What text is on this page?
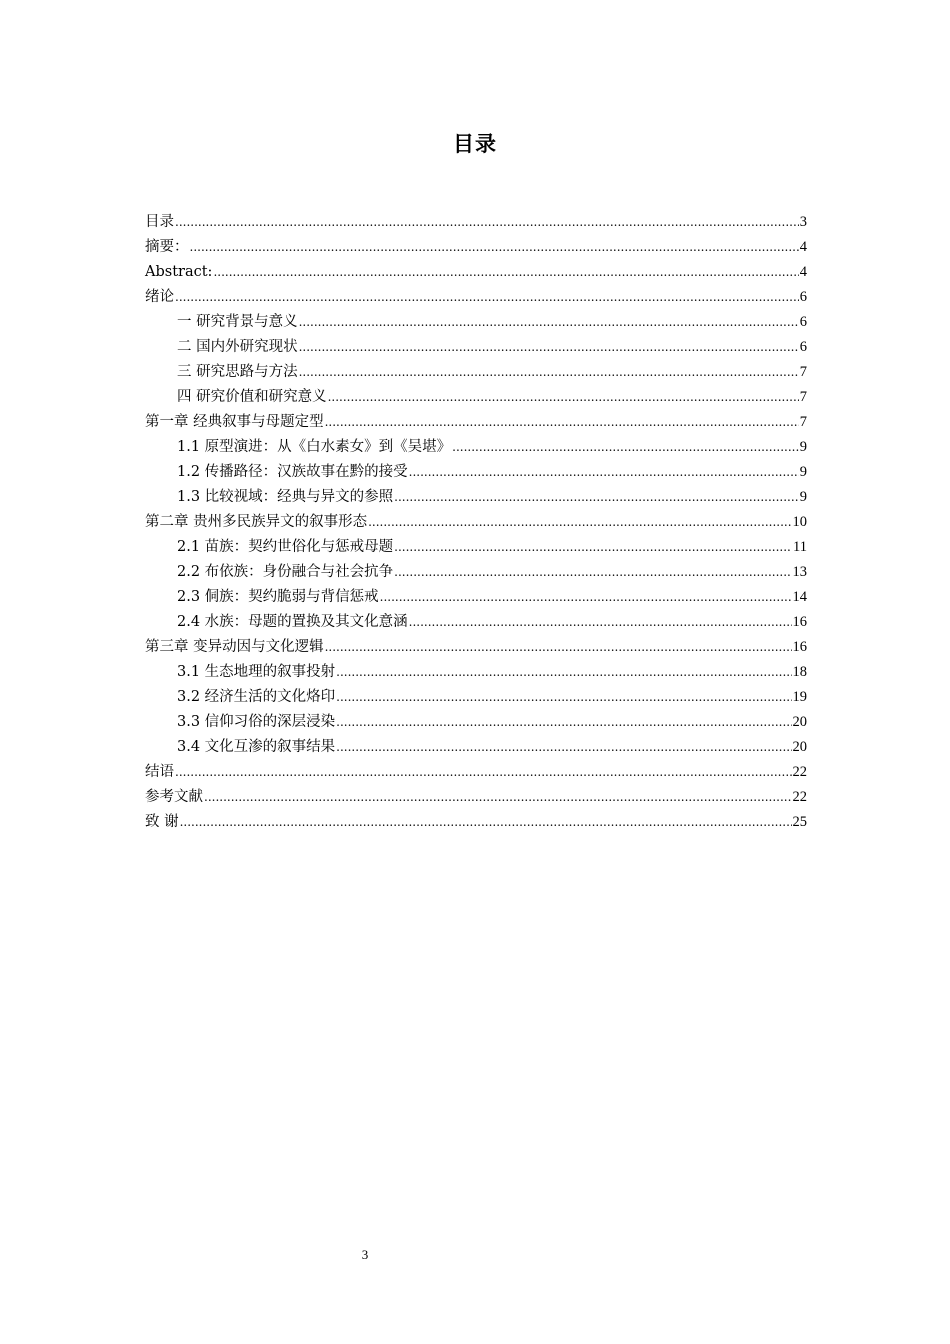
目录
目录 .....	3
摘要： .....	4
Abstract: .....	4
绪论 .....	6
一 研究背景与意义 .....	6
二 国内外研究现状 .....	6
三 研究思路与方法 .....	7
四 研究价值和研究意义 .....	7
第一章 经典叙事与母题定型 .....	7
1.1 原型演进：从《白水素女》到《吴堪》 .....	9
1.2 传播路径：汉族故事在黔的接受 .....	9
1.3 比较视域：经典与异文的参照 .....	9
第二章 贵州多民族异文的叙事形态 .....	10
2.1 苗族：契约世俗化与惩戒母题 .....	11
2.2 布依族：身份融合与社会抗争 .....	13
2.3 侗族：契约脆弱与背信惩戒 .....	14
2.4 水族：母题的置换及其文化意涵 .....	16
第三章 变异动因与文化逻辑 .....	16
3.1 生态地理的叙事投射 .....	18
3.2 经济生活的文化烙印 .....	19
3.3 信仰习俗的深层浸染 .....	20
3.4 文化互渗的叙事结果 .....	20
结语 .....	22
参考文献 .....	22
致 谢 .....	25
3
